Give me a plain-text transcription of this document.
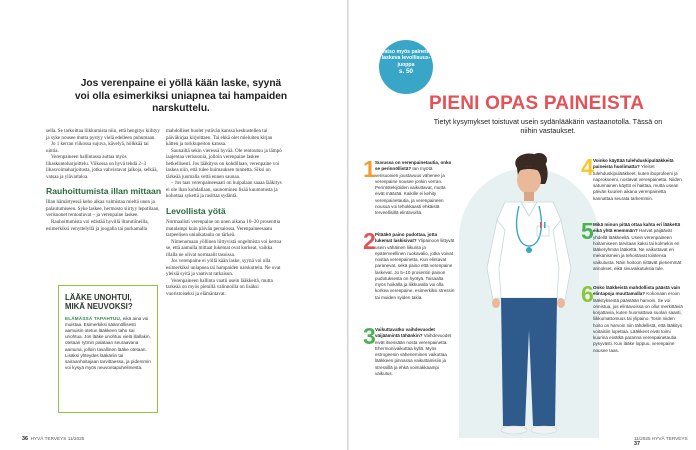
Jos verenpaine ei yöllä kään laske, syynä voi olla esimerkiksi uniapnea tai hampaiden narskuttelu.

sella. Se tarkoittaa liikkumista niin, että hengitys kiihtyy ja syke nousee mutta pystyy vielä edelleen puhumaan.

Jo 1 kerran viikossa sujuva, kävelyä, hölkkää tai uintia.

Verenpaineen hallintassa auttaa myös lihaskuntoharjoittelu. Viikossa on hyvä tehdä 2–3 lihasvoimaharjoitusta, jotka vahvistavat jalkoja, selkää, vatsaa ja ylävartaloa.

Rauhoittumista illan mittaan

Illan hämärtyessä keho alkaa valmistaa mieltä unen ja palautumiseen. Syke laskee, hermosto siirtyy lepotilaan, verisuonet rentoutuvat – ja verenpaine laskee.

Rauhoittumista voi edistää hyvillä iltarutiineilla, esimerkiksi venyttelyllä ja joogalla tai purkamalla

mahdolliset huolet ystävän kanssa keskustellen tai päiväkirjaa kirjoittaen. Tai ehkä olet mieluiten kirjan kätten ja torkkupeiton kanssa.

Saunailtä sekin vieressä hyvää. Ole rentoutuu ja lämpö laajentaa verisuonia, jolloin verenpaine laskee hetkellisesti. Jos lääkityss on kohdillaan, verenpaine voi laskea niin, että tulee huimauksen tunnetta. Siksi on tärkeää juomalla vettä ennen saunaa.

– Jos taas verenpaineesaati on huipalaan saaaa lääkitys ei ole ihan kohdallaan, saunominen lisää kuumotusta ja kohottaa sykettä ja rasittaa sydäntä.

Levollista yötä

Normaalisti verenpaine on unen aikana 10–20 prosenttia matalampi kuin päivän persaiossa. Verenpaineesaatu tarpeelisen uniaikataulu on tärkeä.

Nimenomaan yöllinen liittyvistä ongelmista voi kertoa se, että aamulla mittaat lukemat ovat korkeat, vaikka illalla ne olivat normaalit tasoissa.

Jos verenpaine ei yöllä kään laske, syynä voi olla esimerkiksi uniapnea tai hampaiden narskuttelu. Ne ovat yleisiä syitä ja vaativat ratkaisun.

Verenpaineen hallinta vaatii usein lääkkeitä, mutta tarkeää on myös pienillä valinnoilla on lisäksi vuoristoiseksi ja elämäntavat.

LÄÄKE UNOHTUI, MIKÄ NEUVOKSI?
ELÄMÄSSÄ TAPAHTUU, eikä aina voi muistaa. Esimerkiksi säännöllisesti aamuisin otetun lääkkeen taho sai unohtua. Jos lääke unohtuu vielä illallakin, otetaan rytmin palataan seuraavana aamuna, jolloin tavallinen lääke otetaan. Lisäksi yhteydes lääkäriin tai sairaanhoitajaan tarvittaessa, ja pidemmin voi kysyä myös neuvontapuhelimesta.
36 HYVÄ TERVEYS 11/2025
Katso myös painetta laskeva levollisuus-juoppa
s. 50
PIENI OPAS PAINEISTA
Tietyt kysymykset toistuvat usein sydänlääkärin vastaanotolla. Tässä on niihin vastaukset.
1 Suvussa on verenpainetautia, onko se perinnöllistä? Ian myötä verisuonien joustavuus vähenee ja verenpaine nousee jonkin verran. Perintötekijöiden vaikuttavat, mutta eivät määrää. Kaikille ei kehity verenpainetautia, ja verenpaineen nousua voi tehokkaasti ehkäistä terveellisillä elintavoilla.
2 Pitääkö paino pudottaa, jotta lukemat laskisivat? Ylipainoon liittyvät usein vähäinen liikunta ja epäterveellinen ruokavalio, jotka voivat nostaa verenpainetta. Kun elintavat paranevat, sekä paino että verenpaine laskevat. Jo 5–10 prosentin painon pudotuksesta on hyötyä. Toisaalta myös hoikalla ja liikkuvalla voi olla korkea verenpaine, esimerkiksi stressin tai muiden syiden takia.
3 Vaikuttavatko vaihdevuodet väijäämintä tähänkin? Vaihdevuodet eivät itsessään nosta verenpainetta. Ehermonivaikuttaa kyllä. Myös estrogeenin väheneminen vaikuttaa lääkkeen pinnassa vaikuttamisiin ja stressillä ja ehkä voimakkaampi vaikutus.
4 Voinko käyttää tulehduskipulääkkeitä paineista huolimatta? Yleiset tulehduskipulääkkeet, kuten ibuprofeeni ja naprokseeni, nostavat verenpainetta. Niiden satunnainen käyttö ei haittaa, mutta usean päivän kuurien aikana verenpainetta kannattaa seurata tarkemmin.
5 Mikä minun pitää ottaa kahta eri lääkettä eikä yhtä enemmän? Harvat päijäävät yhdellä lääkkeellä. Usein verenpaineen hoitamiseen tarvitaan kaksi tai kolmekin eri lääkeryhmän lääkettä. Ne vaikuttavat eri mekanismein ja tehostavat toistensa vaikutusta. Näin hoitoon riittävät pienemmät annokset, eikä sivuvaikutuksia tule.
6 Onko lääkkeistä mahdollista päästä vain elintapoja muuttamalla? Kokonaan eroon lääkityksestä päästään harvoin. Se voi onnistua, jos elintavoissa on ollut merkittäviä korjattavia, kuten huomattava suolan saanti, liikkumattomuus tai ylipaino. Tosin niiden hoito on harvoin niin tähdellistä, että lääkitys voitaisiin lopettaa. Lääkkeet eivät toimi kuurina eivätkä paranna verenpainetautia pysyvästi. Kun lääke loppuu, verenpaine nousee taas.
11/2025 HYVÄ TERVEYS  37
